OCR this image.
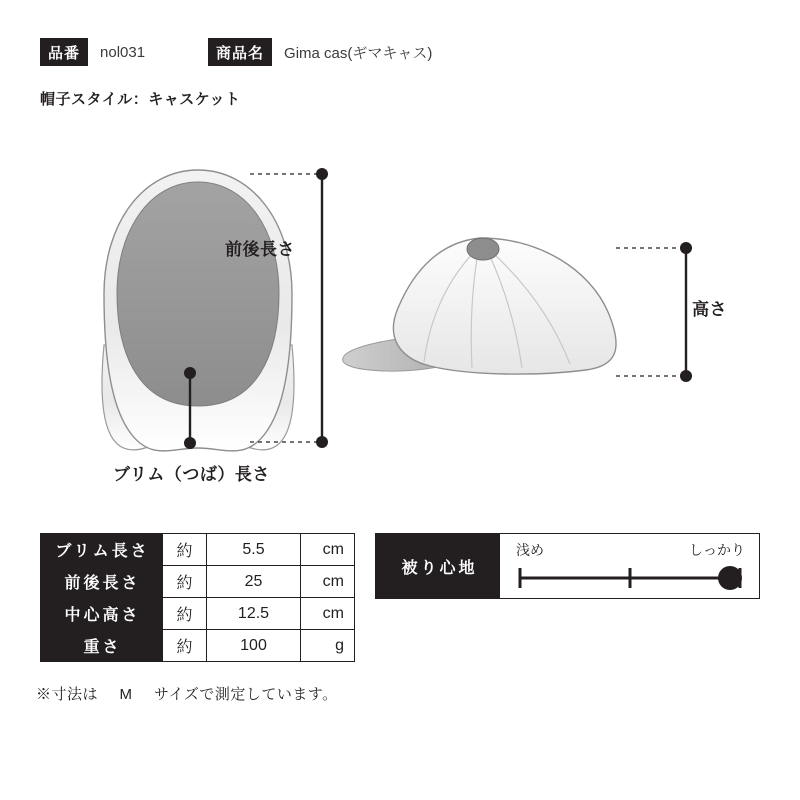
品番	nol031	商品名	Gima cas(ギマキャス)
帽子スタイル：キャスケット
前後長さ
ブリム（つば）長さ
高さ
ブリム長さ	約	5.5	cm
前後長さ	約	25	cm
中心高さ	約	12.5	cm
重さ	約	100	g
※寸法は M サイズで測定しています。
被り心地
浅め	しっかり
